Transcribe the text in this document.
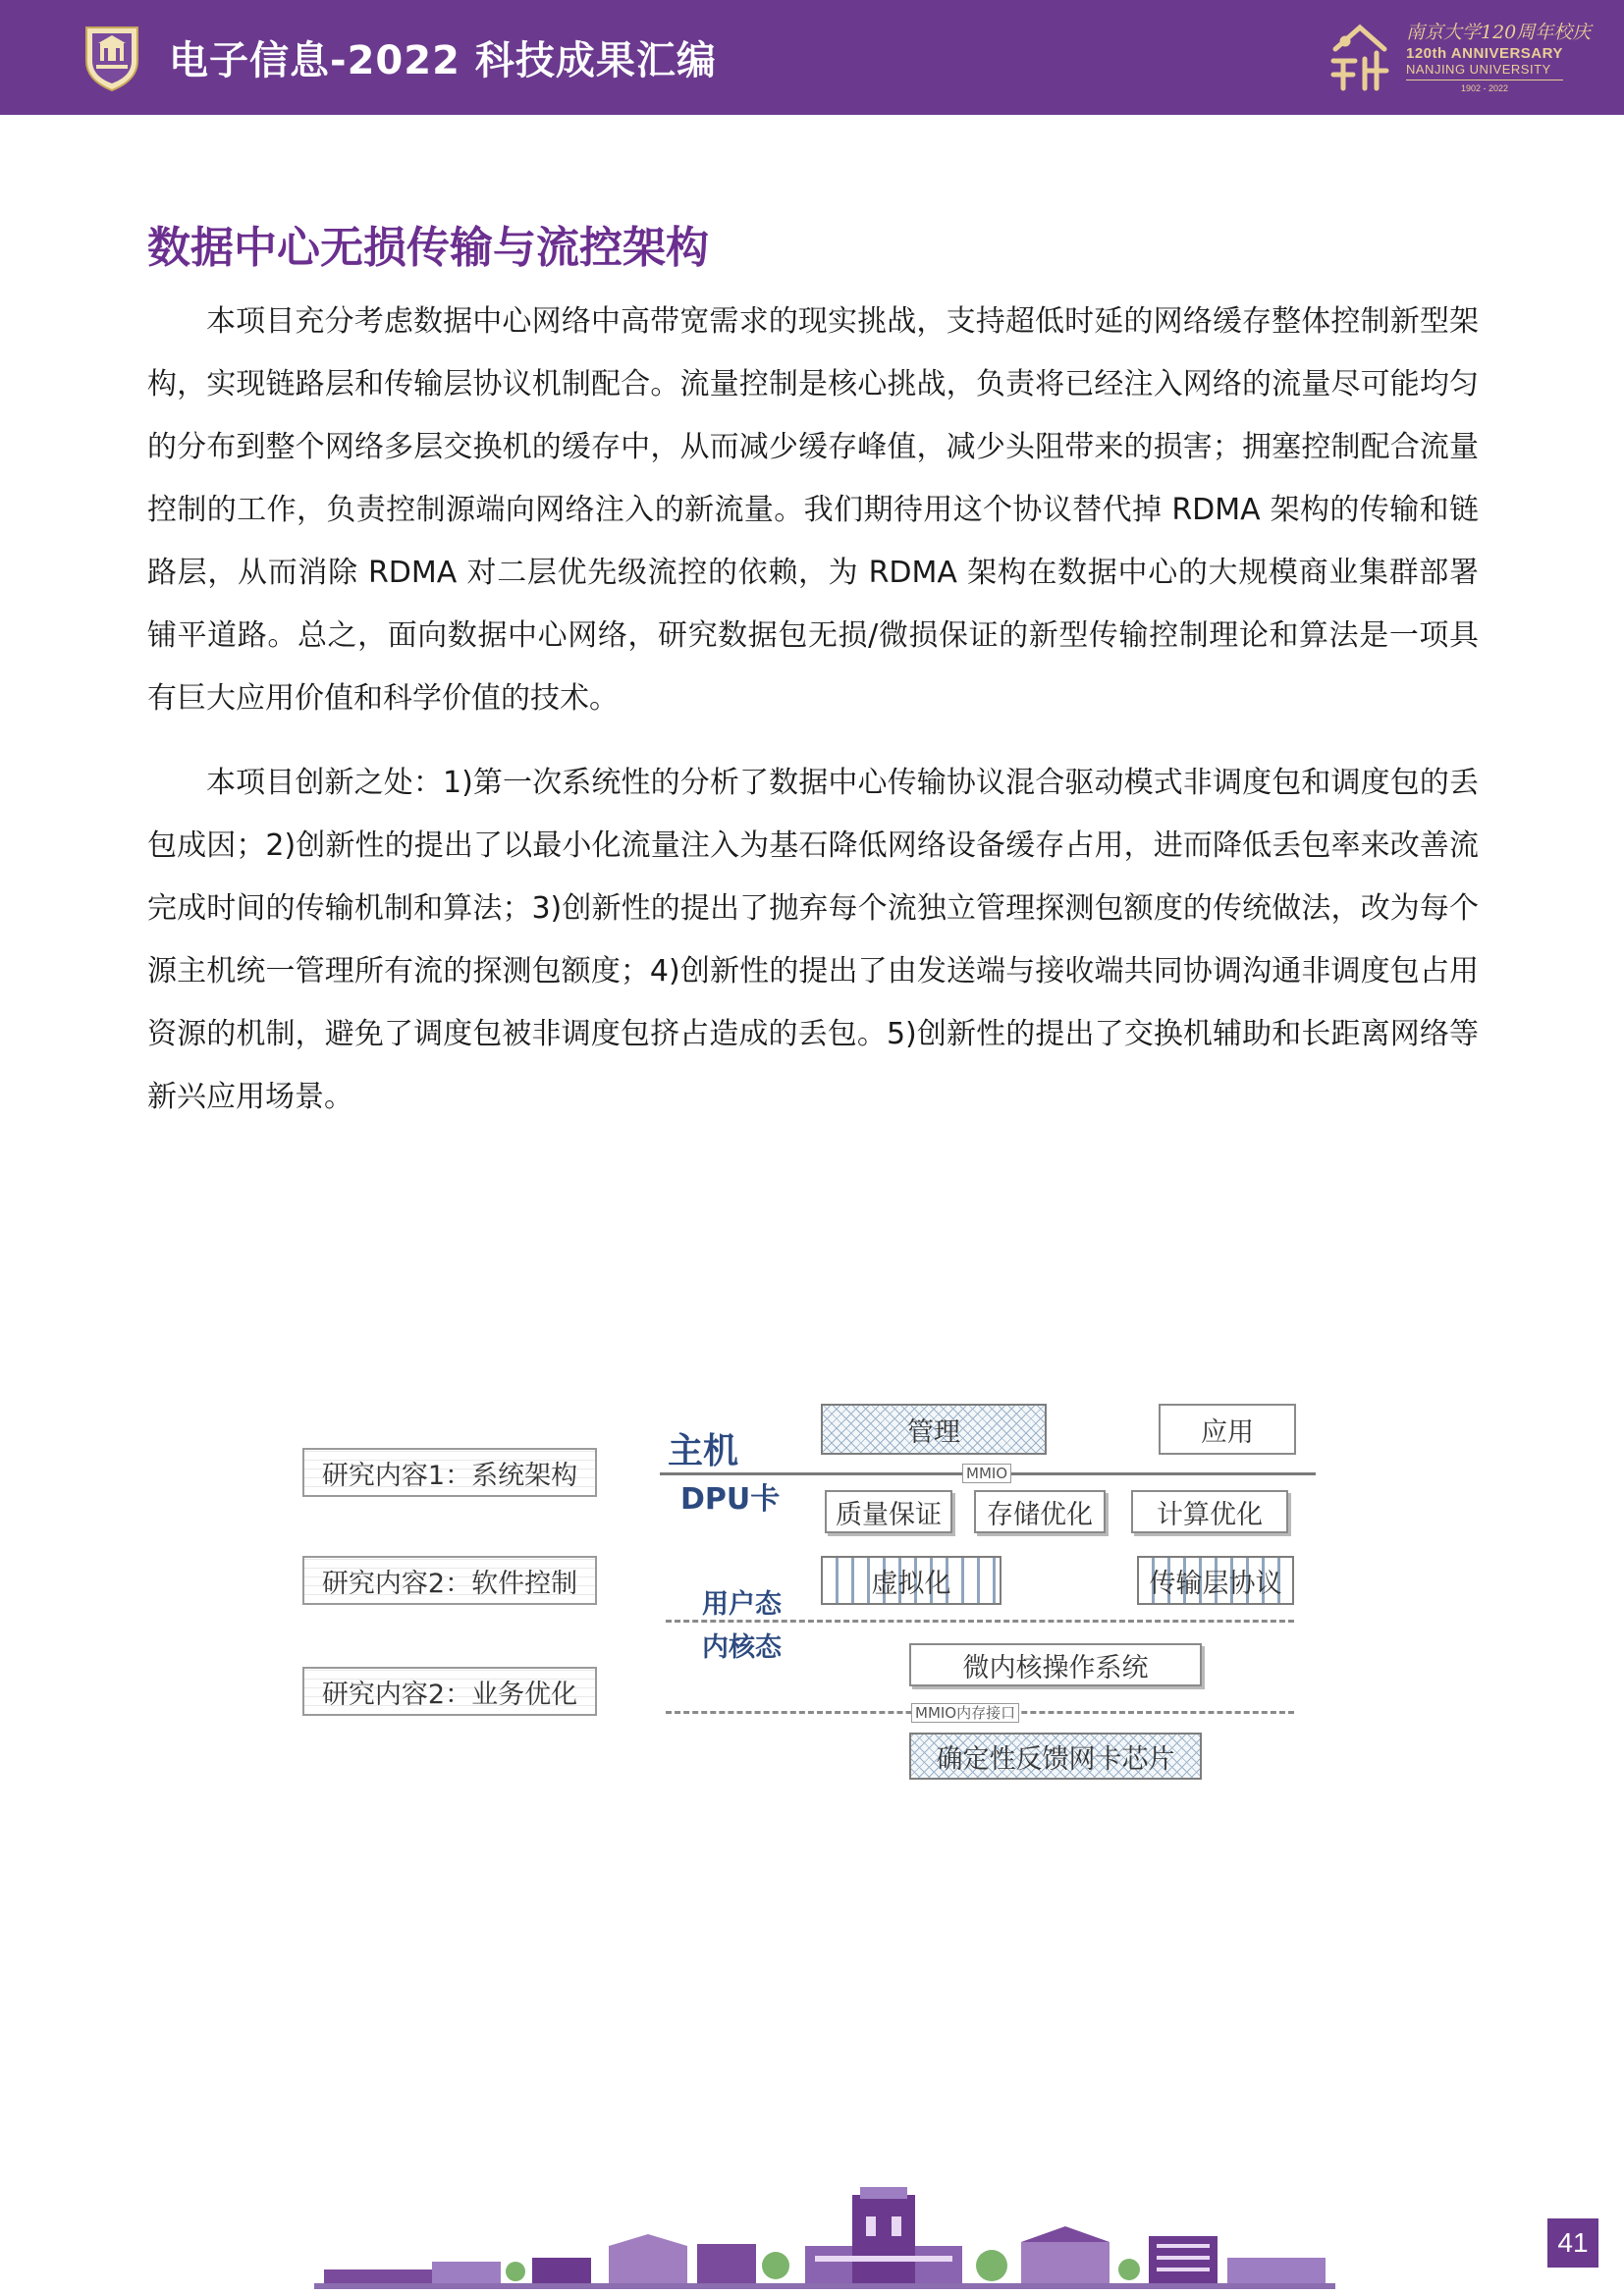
电子信息-2022 科技成果汇编
南京大学120周年校庆
120th ANNIVERSARY
NANJING UNIVERSITY
1902 - 2022
数据中心无损传输与流控架构

本项目充分考虑数据中心网络中高带宽需求的现实挑战，支持超低时延的网络缓存整体控制新型架构，实现链路层和传输层协议机制配合。流量控制是核心挑战，负责将已经注入网络的流量尽可能均匀的分布到整个网络多层交换机的缓存中，从而减少缓存峰值，减少头阻带来的损害；拥塞控制配合流量控制的工作，负责控制源端向网络注入的新流量。我们期待用这个协议替代掉 RDMA 架构的传输和链路层，从而消除 RDMA 对二层优先级流控的依赖，为 RDMA 架构在数据中心的大规模商业集群部署铺平道路。总之，面向数据中心网络，研究数据包无损/微损保证的新型传输控制理论和算法是一项具有巨大应用价值和科学价值的技术。

本项目创新之处：1)第一次系统性的分析了数据中心传输协议混合驱动模式非调度包和调度包的丢包成因；2)创新性的提出了以最小化流量注入为基石降低网络设备缓存占用，进而降低丢包率来改善流完成时间的传输机制和算法；3)创新性的提出了抛弃每个流独立管理探测包额度的传统做法，改为每个源主机统一管理所有流的探测包额度；4)创新性的提出了由发送端与接收端共同协调沟通非调度包占用资源的机制，避免了调度包被非调度包挤占造成的丢包。5)创新性的提出了交换机辅助和长距离网络等新兴应用场景。

研究内容1：系统架构
研究内容2：软件控制
研究内容2：业务优化
主机
DPU卡
管理	应用
MMIO
质量保证	存储优化	计算优化
虚拟化	传输层协议
用户态
内核态
微内核操作系统
MMIO内存接口
确定性反馈网卡芯片
41
